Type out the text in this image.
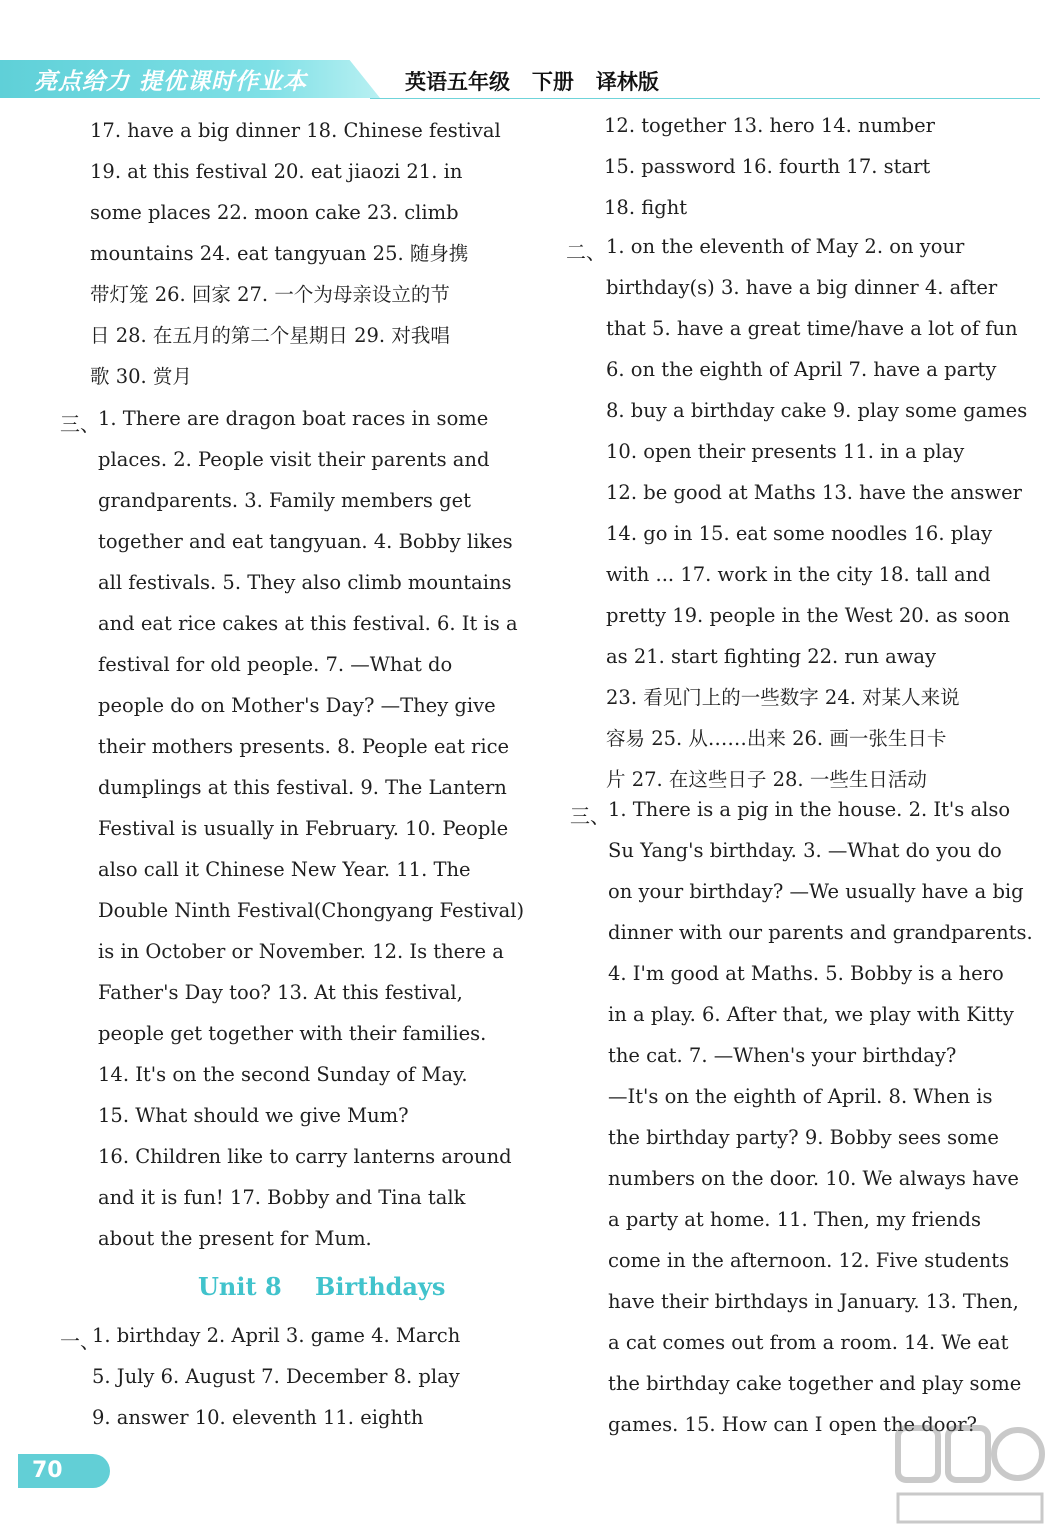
亮点给力 提优课时作业本	英语五年级   下册   译林版
17. have a big dinner 18. Chinese festival
19. at this festival 20. eat jiaozi 21. in
some places 22. moon cake 23. climb
mountains 24. eat tangyuan 25. 随身携
带灯笼 26. 回家 27. 一个为母亲设立的节
日 28. 在五月的第二个星期日 29. 对我唱
歌 30. 赏月
三、
1. There are dragon boat races in some
places. 2. People visit their parents and
grandparents. 3. Family members get
together and eat tangyuan. 4. Bobby likes
all festivals. 5. They also climb mountains
and eat rice cakes at this festival. 6. It is a
festival for old people. 7. —What do
people do on Mother's Day? —They give
their mothers presents. 8. People eat rice
dumplings at this festival. 9. The Lantern
Festival is usually in February. 10. People
also call it Chinese New Year. 11. The
Double Ninth Festival(Chongyang Festival)
is in October or November. 12. Is there a
Father's Day too? 13. At this festival,
people get together with their families.
14. It's on the second Sunday of May.
15. What should we give Mum?
16. Children like to carry lanterns around
and it is fun! 17. Bobby and Tina talk
about the present for Mum.
Unit 8    Birthdays
一、
1. birthday 2. April 3. game 4. March
5. July 6. August 7. December 8. play
9. answer 10. eleventh 11. eighth
12. together 13. hero 14. number
15. password 16. fourth 17. start
18. fight
二、 1. on the eleventh of May 2. on your
birthday(s) 3. have a big dinner 4. after
that 5. have a great time/have a lot of fun
6. on the eighth of April 7. have a party
8. buy a birthday cake 9. play some games
10. open their presents 11. in a play
12. be good at Maths 13. have the answer
14. go in 15. eat some noodles 16. play
with ... 17. work in the city 18. tall and
pretty 19. people in the West 20. as soon
as 21. start fighting 22. run away
23. 看见门上的一些数字 24. 对某人来说
容易 25. 从……出来 26. 画一张生日卡
片 27. 在这些日子 28. 一些生日活动
三、
1. There is a pig in the house. 2. It's also
Su Yang's birthday. 3. —What do you do
on your birthday? —We usually have a big
dinner with our parents and grandparents.
4. I'm good at Maths. 5. Bobby is a hero
in a play. 6. After that, we play with Kitty
the cat. 7. —When's your birthday?
—It's on the eighth of April. 8. When is
the birthday party? 9. Bobby sees some
numbers on the door. 10. We always have
a party at home. 11. Then, my friends
come in the afternoon. 12. Five students
have their birthdays in January. 13. Then,
a cat comes out from a room. 14. We eat
the birthday cake together and play some
games. 15. How can I open the door?
70
